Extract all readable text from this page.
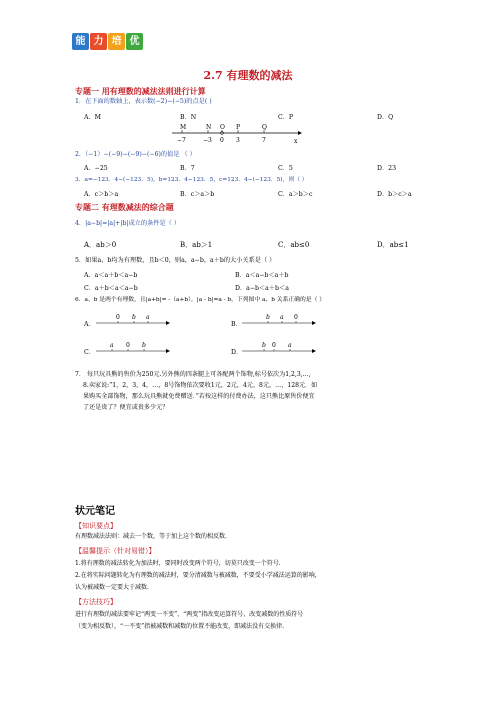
能 力 培 优
2.7 有理数的减法
专题一 用有理数的减法法则进行计算
1．在下面的数轴上，表示数(−2)−(−5)的点是( )
A．M	B．N	C．P	D．Q
M	N O P	Q
−7	−3 0 3	7	x
2．（−1）−(−9)−(−9)−(−6)的值是 （ ）
A．−25	B．7	C．5	D．23
3．a=−123．4−(−123．5)，b=123．4−123．5，c=123．4−(−123．5)，则（ ）
A．c＞b＞a	B．c＞a＞b	C．a＞b＞c	D．b＞c＞a
专题二 有理数减法的综合题
4．|a−b|=|a|+|b|成立的条件是（ ）
A．ab＞0	B．ab＞1	C．ab≤0	D．ab≤1
5．如果a、b均为有理数，且b＜0，则a，a−b，a＋b的大小关系是（ ）
A．a＜a＋b＜a−b	B．a＜a−b＜a＋b
C．a＋b＜a＜a−b	D．a−b＜a＋b＜a
6．a、b 是两个有理数，且|a+b|= -（a+b），|a - b|=a - b，下列图中 a、b 关系正确的是（ ）
A．
0 b a
B．
b a 0
C．
a 0 b
D．
b 0 a
7． 每只玩具熊的售价为250元.另外熊的四条腿上可各配两个饰物,标号依次为1,2,3,…,
8.卖家说:“1，2，3，4，…，8号饰物依次要收1元，2元，4元，8元，…，128元．如
果购买全部饰物，那么玩具熊就免费赠送．”若按这样的付费办法，这只熊比原售价便宜
了还是贵了？便宜或贵多少元？
状元笔记
【知识要点】
有理数减法法则：减去一个数，等于加上这个数的相反数.
【温馨提示（针对易错）】
1.将有理数的减法转化为加法时，要同时改变两个符号，切莫只改变一个符号.
2.在将实际问题转化为有理数的减法时，要分清减数与被减数，不要受小学减法运算的影响，
认为被减数一定要大于减数.
【方法技巧】
进行有理数的减法要牢记“两变一不变”，“两变”指改变运算符号、改变减数的性质符号
（变为相反数），“一不变”指被减数和减数的位置不能改变，即减法没有交换律.
